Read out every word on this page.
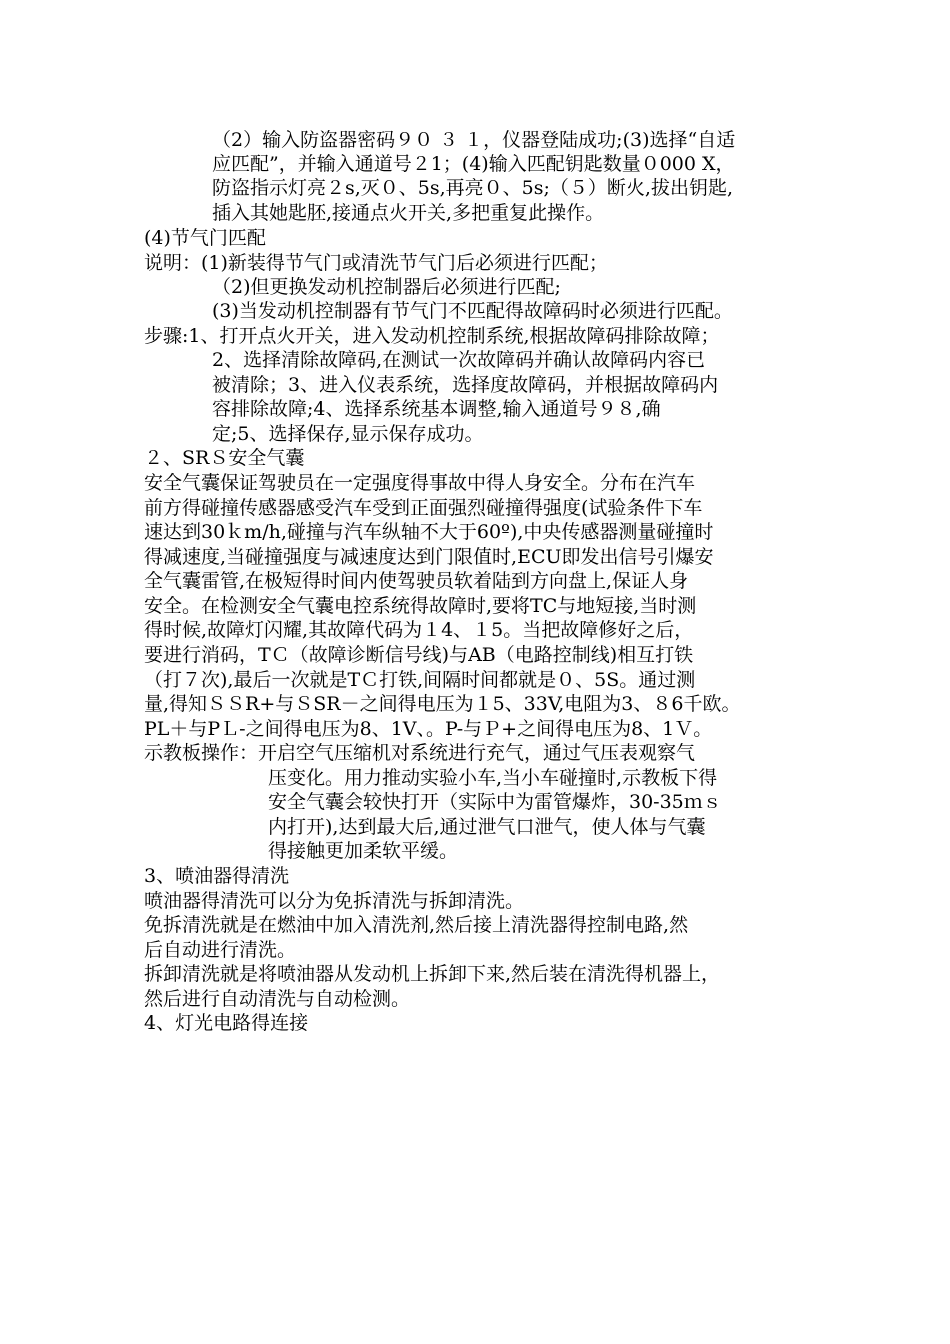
（2）输入防盗器密码９０ ３ １，仪器登陆成功;(3)选择“自适
应匹配”，并输入通道号２1；(4)输入匹配钥匙数量０000 X，
防盗指示灯亮２s,灭０、5s,再亮０、5s;（５）断火,拔出钥匙,
插入其她匙胚,接通点火开关,多把重复此操作。
(4)节气门匹配
说明：(1)新装得节气门或清洗节气门后必须进行匹配；
（2)但更换发动机控制器后必须进行匹配;
(3)当发动机控制器有节气门不匹配得故障码时必须进行匹配。
步骤:1、打开点火开关，进入发动机控制系统,根据故障码排除故障；
2、选择清除故障码,在测试一次故障码并确认故障码内容已
被清除；3、进入仪表系统，选择度故障码，并根据故障码内
容排除故障;4、选择系统基本调整,输入通道号９８,确
定;5、选择保存,显示保存成功。
２、SRＳ安全气囊
安全气囊保证驾驶员在一定强度得事故中得人身安全。分布在汽车
前方得碰撞传感器感受汽车受到正面强烈碰撞得强度(试验条件下车
速达到30ｋm/h,碰撞与汽车纵轴不大于60º),中央传感器测量碰撞时
得减速度,当碰撞强度与减速度达到门限值时,ECU即发出信号引爆安
全气囊雷管,在极短得时间内使驾驶员软着陆到方向盘上,保证人身
安全。在检测安全气囊电控系统得故障时,要将TC与地短接,当时测
得时候,故障灯闪耀,其故障代码为１4、１5。当把故障修好之后，
要进行消码，TＣ（故障诊断信号线)与AB（电路控制线)相互打铁
（打７次),最后一次就是TＣ打铁,间隔时间都就是０、5S。通过测
量,得知ＳＳR+与ＳSR－之间得电压为１5、33V,电阻为3、８6千欧。
PL＋与PＬ-之间得电压为8、1V、。P-与Ｐ+之间得电压为8、1Ｖ。
示教板操作：开启空气压缩机对系统进行充气，通过气压表观察气
压变化。用力推动实验小车,当小车碰撞时,示教板下得
安全气囊会较快打开（实际中为雷管爆炸，30-35ｍｓ
内打开),达到最大后,通过泄气口泄气，使人体与气囊
得接触更加柔软平缓。
3、喷油器得清洗
喷油器得清洗可以分为免拆清洗与拆卸清洗。
免拆清洗就是在燃油中加入清洗剂,然后接上清洗器得控制电路,然
后自动进行清洗。
拆卸清洗就是将喷油器从发动机上拆卸下来,然后装在清洗得机器上，
然后进行自动清洗与自动检测。
4、灯光电路得连接
